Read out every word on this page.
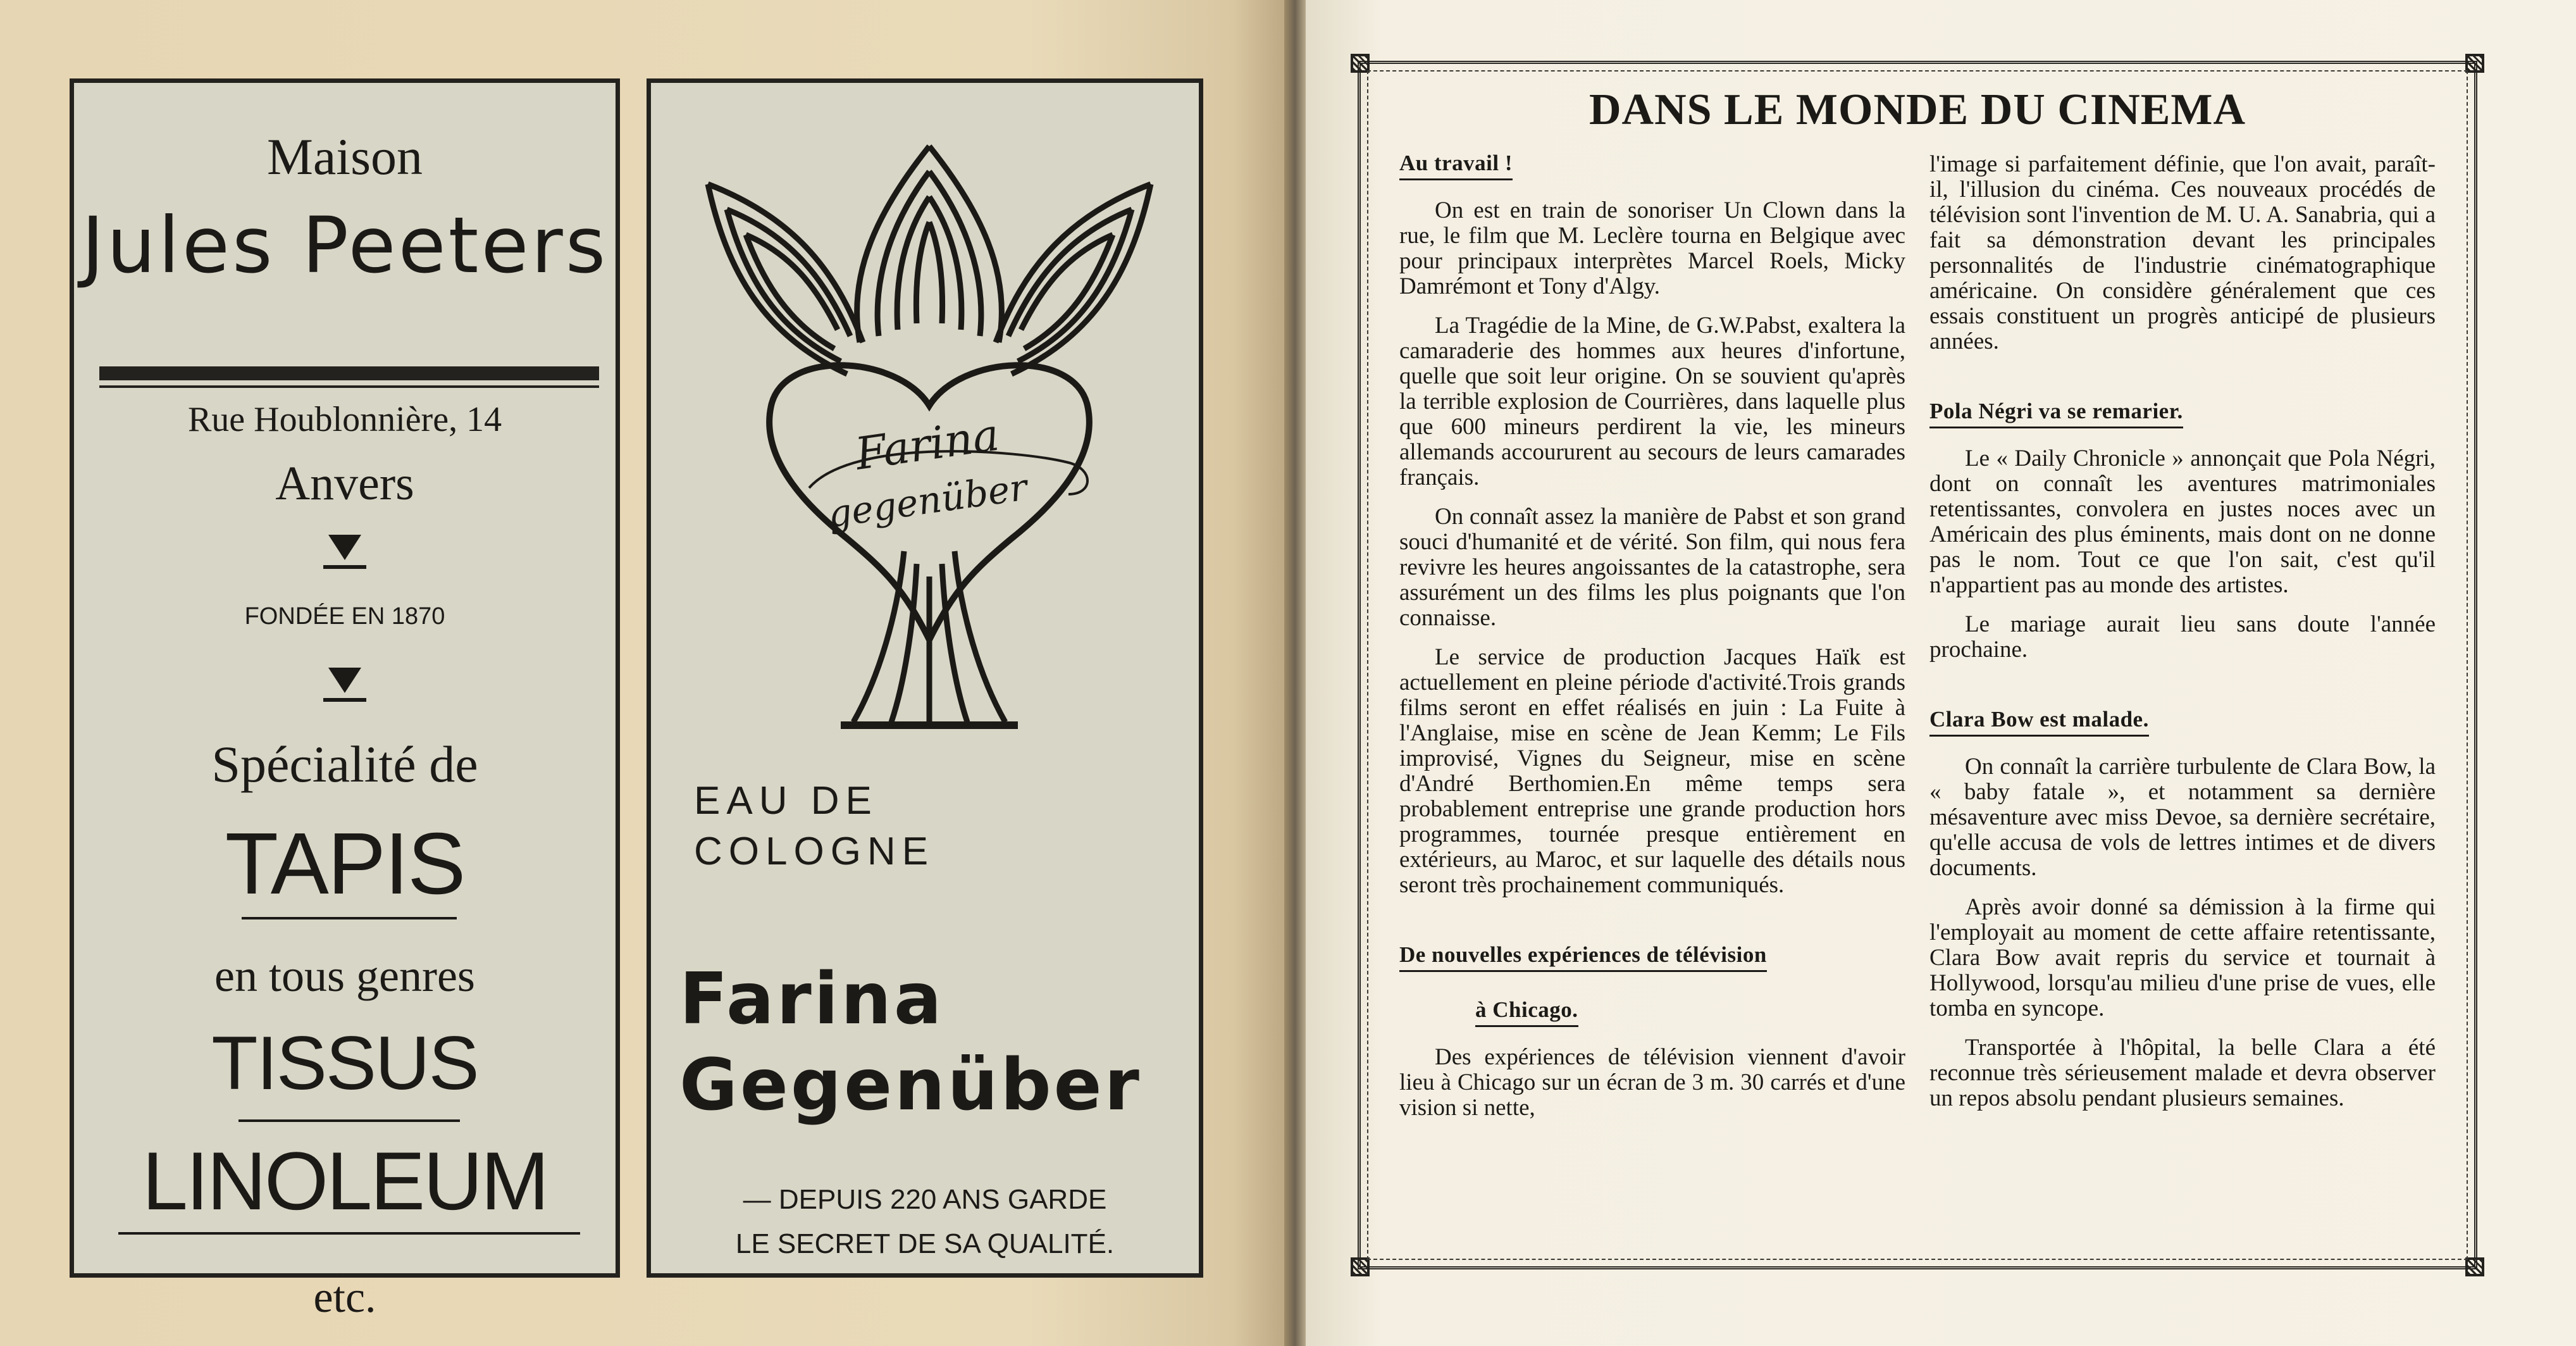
Maison
Jules Peeters
Rue Houblonnière, 14
Anvers
FONDÉE EN 1870
Spécialité de
TAPIS
en tous genres
TISSUS
LINOLEUM
etc.
Farina
gegenüber
EAU DE
COLOGNE
Farina
Gegenüber
— DEPUIS 220 ANS GARDE
LE SECRET DE SA QUALITÉ.
DANS LE MONDE DU CINEMA
Au travail !

On est en train de sonoriser Un Clown dans la rue, le film que M. Leclère tourna en Belgique avec pour principaux interprètes Marcel Roels, Micky Damrémont et Tony d'Algy.

La Tragédie de la Mine, de G.W.Pabst, exaltera la camaraderie des hommes aux heures d'infortune, quelle que soit leur origine. On se souvient qu'après la terrible explosion de Courrières, dans laquelle plus que 600 mineurs perdirent la vie, les mineurs allemands accoururent au secours de leurs camarades français.

On connaît assez la manière de Pabst et son grand souci d'humanité et de vérité. Son film, qui nous fera revivre les heures angoissantes de la catastrophe, sera assurément un des films les plus poignants que l'on connaisse.

Le service de production Jacques Haïk est actuellement en pleine période d'activité.Trois grands films seront en effet réalisés en juin : La Fuite à l'Anglaise, mise en scène de Jean Kemm; Le Fils improvisé, Vignes du Seigneur, mise en scène d'André Berthomien.En même temps sera probablement entreprise une grande production hors programmes, tournée presque entièrement en extérieurs, au Maroc, et sur laquelle des détails nous seront très prochainement communiqués.

De nouvelles expériences de télévision
à Chicago.

Des expériences de télévision viennent d'avoir lieu à Chicago sur un écran de 3 m. 30 carrés et d'une vision si nette,

l'image si parfaitement définie, que l'on avait, paraît-il, l'illusion du cinéma. Ces nouveaux procédés de télévision sont l'invention de M. U. A. Sanabria, qui a fait sa démonstration devant les principales personnalités de l'industrie cinématographique américaine. On considère généralement que ces essais constituent un progrès anticipé de plusieurs années.

Pola Négri va se remarier.

Le « Daily Chronicle » annonçait que Pola Négri, dont on connaît les aventures matrimoniales retentissantes, convolera en justes noces avec un Américain des plus éminents, mais dont on ne donne pas le nom. Tout ce que l'on sait, c'est qu'il n'appartient pas au monde des artistes.

Le mariage aurait lieu sans doute l'année prochaine.

Clara Bow est malade.

On connaît la carrière turbulente de Clara Bow, la « baby fatale », et notamment sa dernière mésaventure avec miss Devoe, sa dernière secrétaire, qu'elle accusa de vols de lettres intimes et de divers documents.

Après avoir donné sa démission à la firme qui l'employait au moment de cette affaire retentissante, Clara Bow avait repris du service et tournait à Hollywood, lorsqu'au milieu d'une prise de vues, elle tomba en syncope.

Transportée à l'hôpital, la belle Clara a été reconnue très sérieusement malade et devra observer un repos absolu pendant plusieurs semaines.
